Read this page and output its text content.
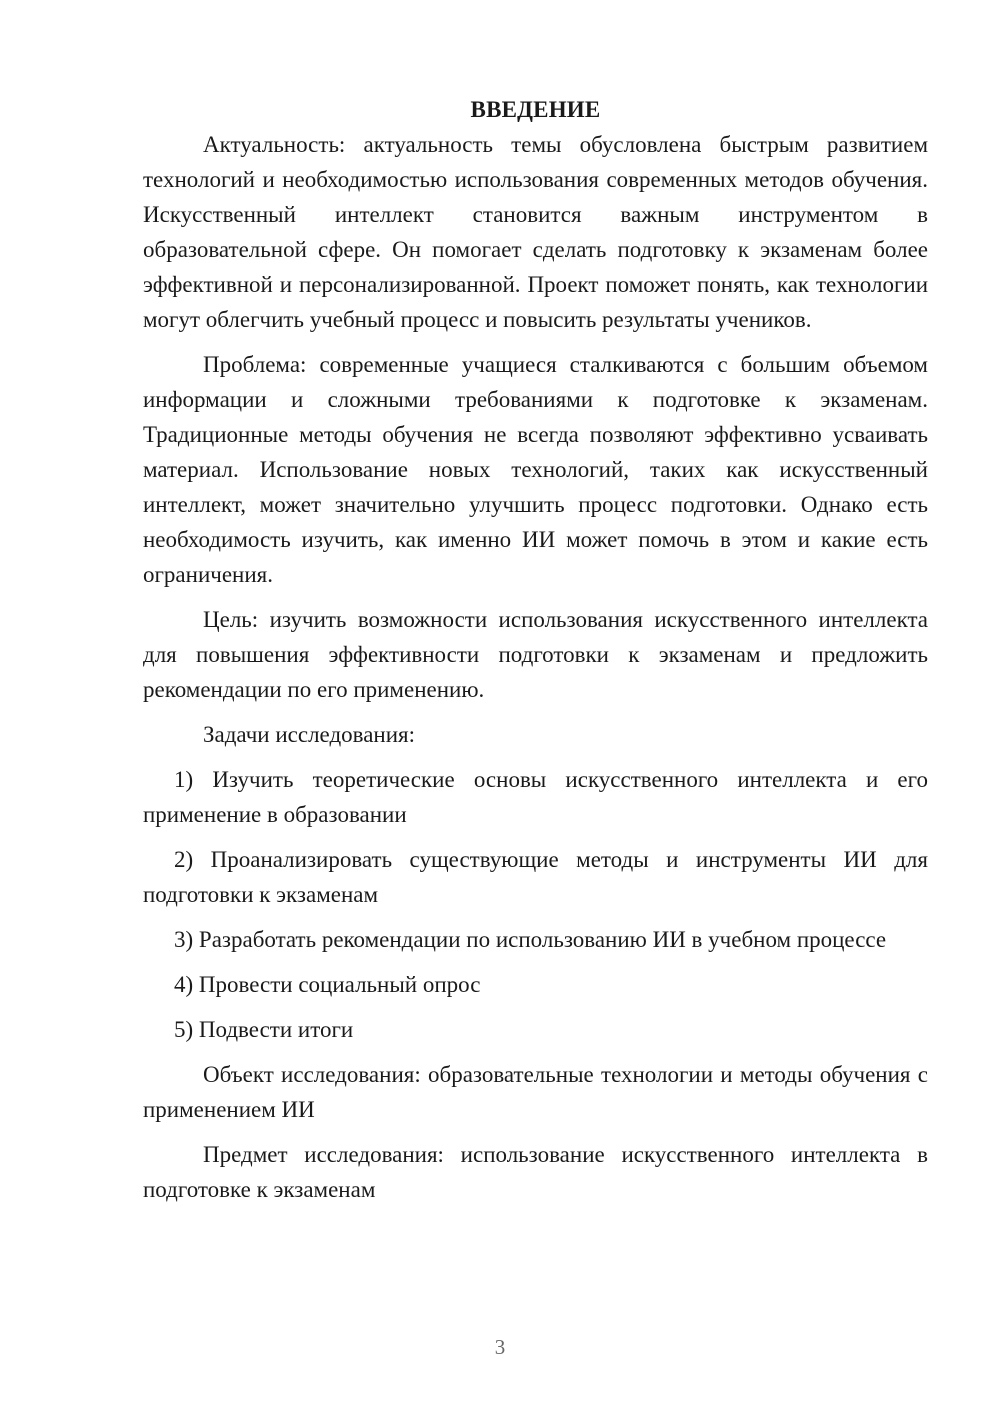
ВВЕДЕНИЕ

Актуальность: актуальность темы обусловлена быстрым развитием технологий и необходимостью использования современных методов обучения. Искусственный интеллект становится важным инструментом в образовательной сфере. Он помогает сделать подготовку к экзаменам более эффективной и персонализированной. Проект поможет понять, как технологии могут облегчить учебный процесс и повысить результаты учеников.

Проблема: современные учащиеся сталкиваются с большим объемом информации и сложными требованиями к подготовке к экзаменам. Традиционные методы обучения не всегда позволяют эффективно усваивать материал. Использование новых технологий, таких как искусственный интеллект, может значительно улучшить процесс подготовки. Однако есть необходимость изучить, как именно ИИ может помочь в этом и какие есть ограничения.

Цель: изучить возможности использования искусственного интеллекта для повышения эффективности подготовки к экзаменам и предложить рекомендации по его применению.

Задачи исследования:

1) Изучить теоретические основы искусственного интеллекта и его применение в образовании

2) Проанализировать существующие методы и инструменты ИИ для подготовки к экзаменам

3) Разработать рекомендации по использованию ИИ в учебном процессе

4) Провести социальный опрос

5) Подвести итоги

Объект исследования: образовательные технологии и методы обучения с применением ИИ

Предмет исследования: использование искусственного интеллекта в подготовке к экзаменам

3
